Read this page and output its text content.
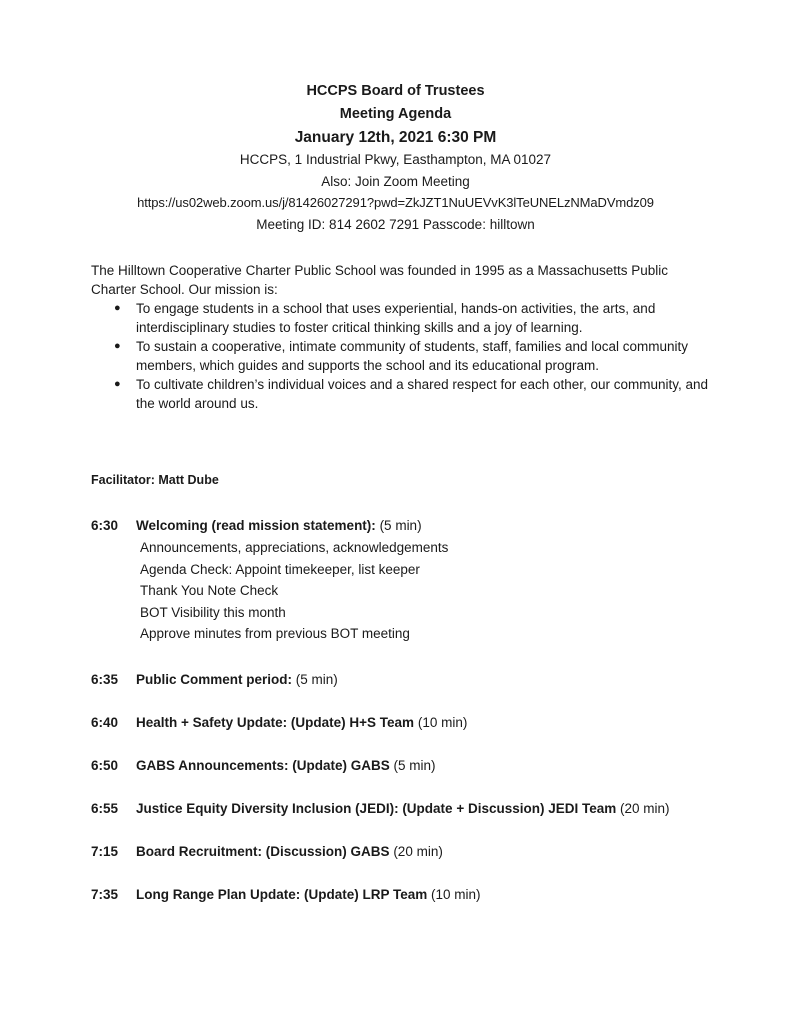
HCCPS Board of Trustees
Meeting Agenda
January 12th, 2021 6:30 PM
HCCPS, 1 Industrial Pkwy, Easthampton, MA 01027
Also: Join Zoom Meeting
https://us02web.zoom.us/j/81426027291?pwd=ZkJZT1NuUEVvK3lTeUNELzNMaDVmdz09
Meeting ID: 814 2602 7291 Passcode: hilltown

The Hilltown Cooperative Charter Public School was founded in 1995 as a Massachusetts Public Charter School. Our mission is:

● To engage students in a school that uses experiential, hands-on activities, the arts, and interdisciplinary studies to foster critical thinking skills and a joy of learning.
● To sustain a cooperative, intimate community of students, staff, families and local community members, which guides and supports the school and its educational program.
● To cultivate children’s individual voices and a shared respect for each other, our community, and the world around us.
Facilitator: Matt Dube
6:30 Welcoming (read mission statement): (5 min)
Announcements, appreciations, acknowledgements
Agenda Check: Appoint timekeeper, list keeper
Thank You Note Check
BOT Visibility this month
Approve minutes from previous BOT meeting
6:35 Public Comment period: (5 min)
6:40 Health + Safety Update: (Update) H+S Team (10 min)
6:50 GABS Announcements: (Update) GABS (5 min)
6:55 Justice Equity Diversity Inclusion (JEDI): (Update + Discussion) JEDI Team (20 min)
7:15 Board Recruitment: (Discussion) GABS (20 min)
7:35 Long Range Plan Update: (Update) LRP Team (10 min)
